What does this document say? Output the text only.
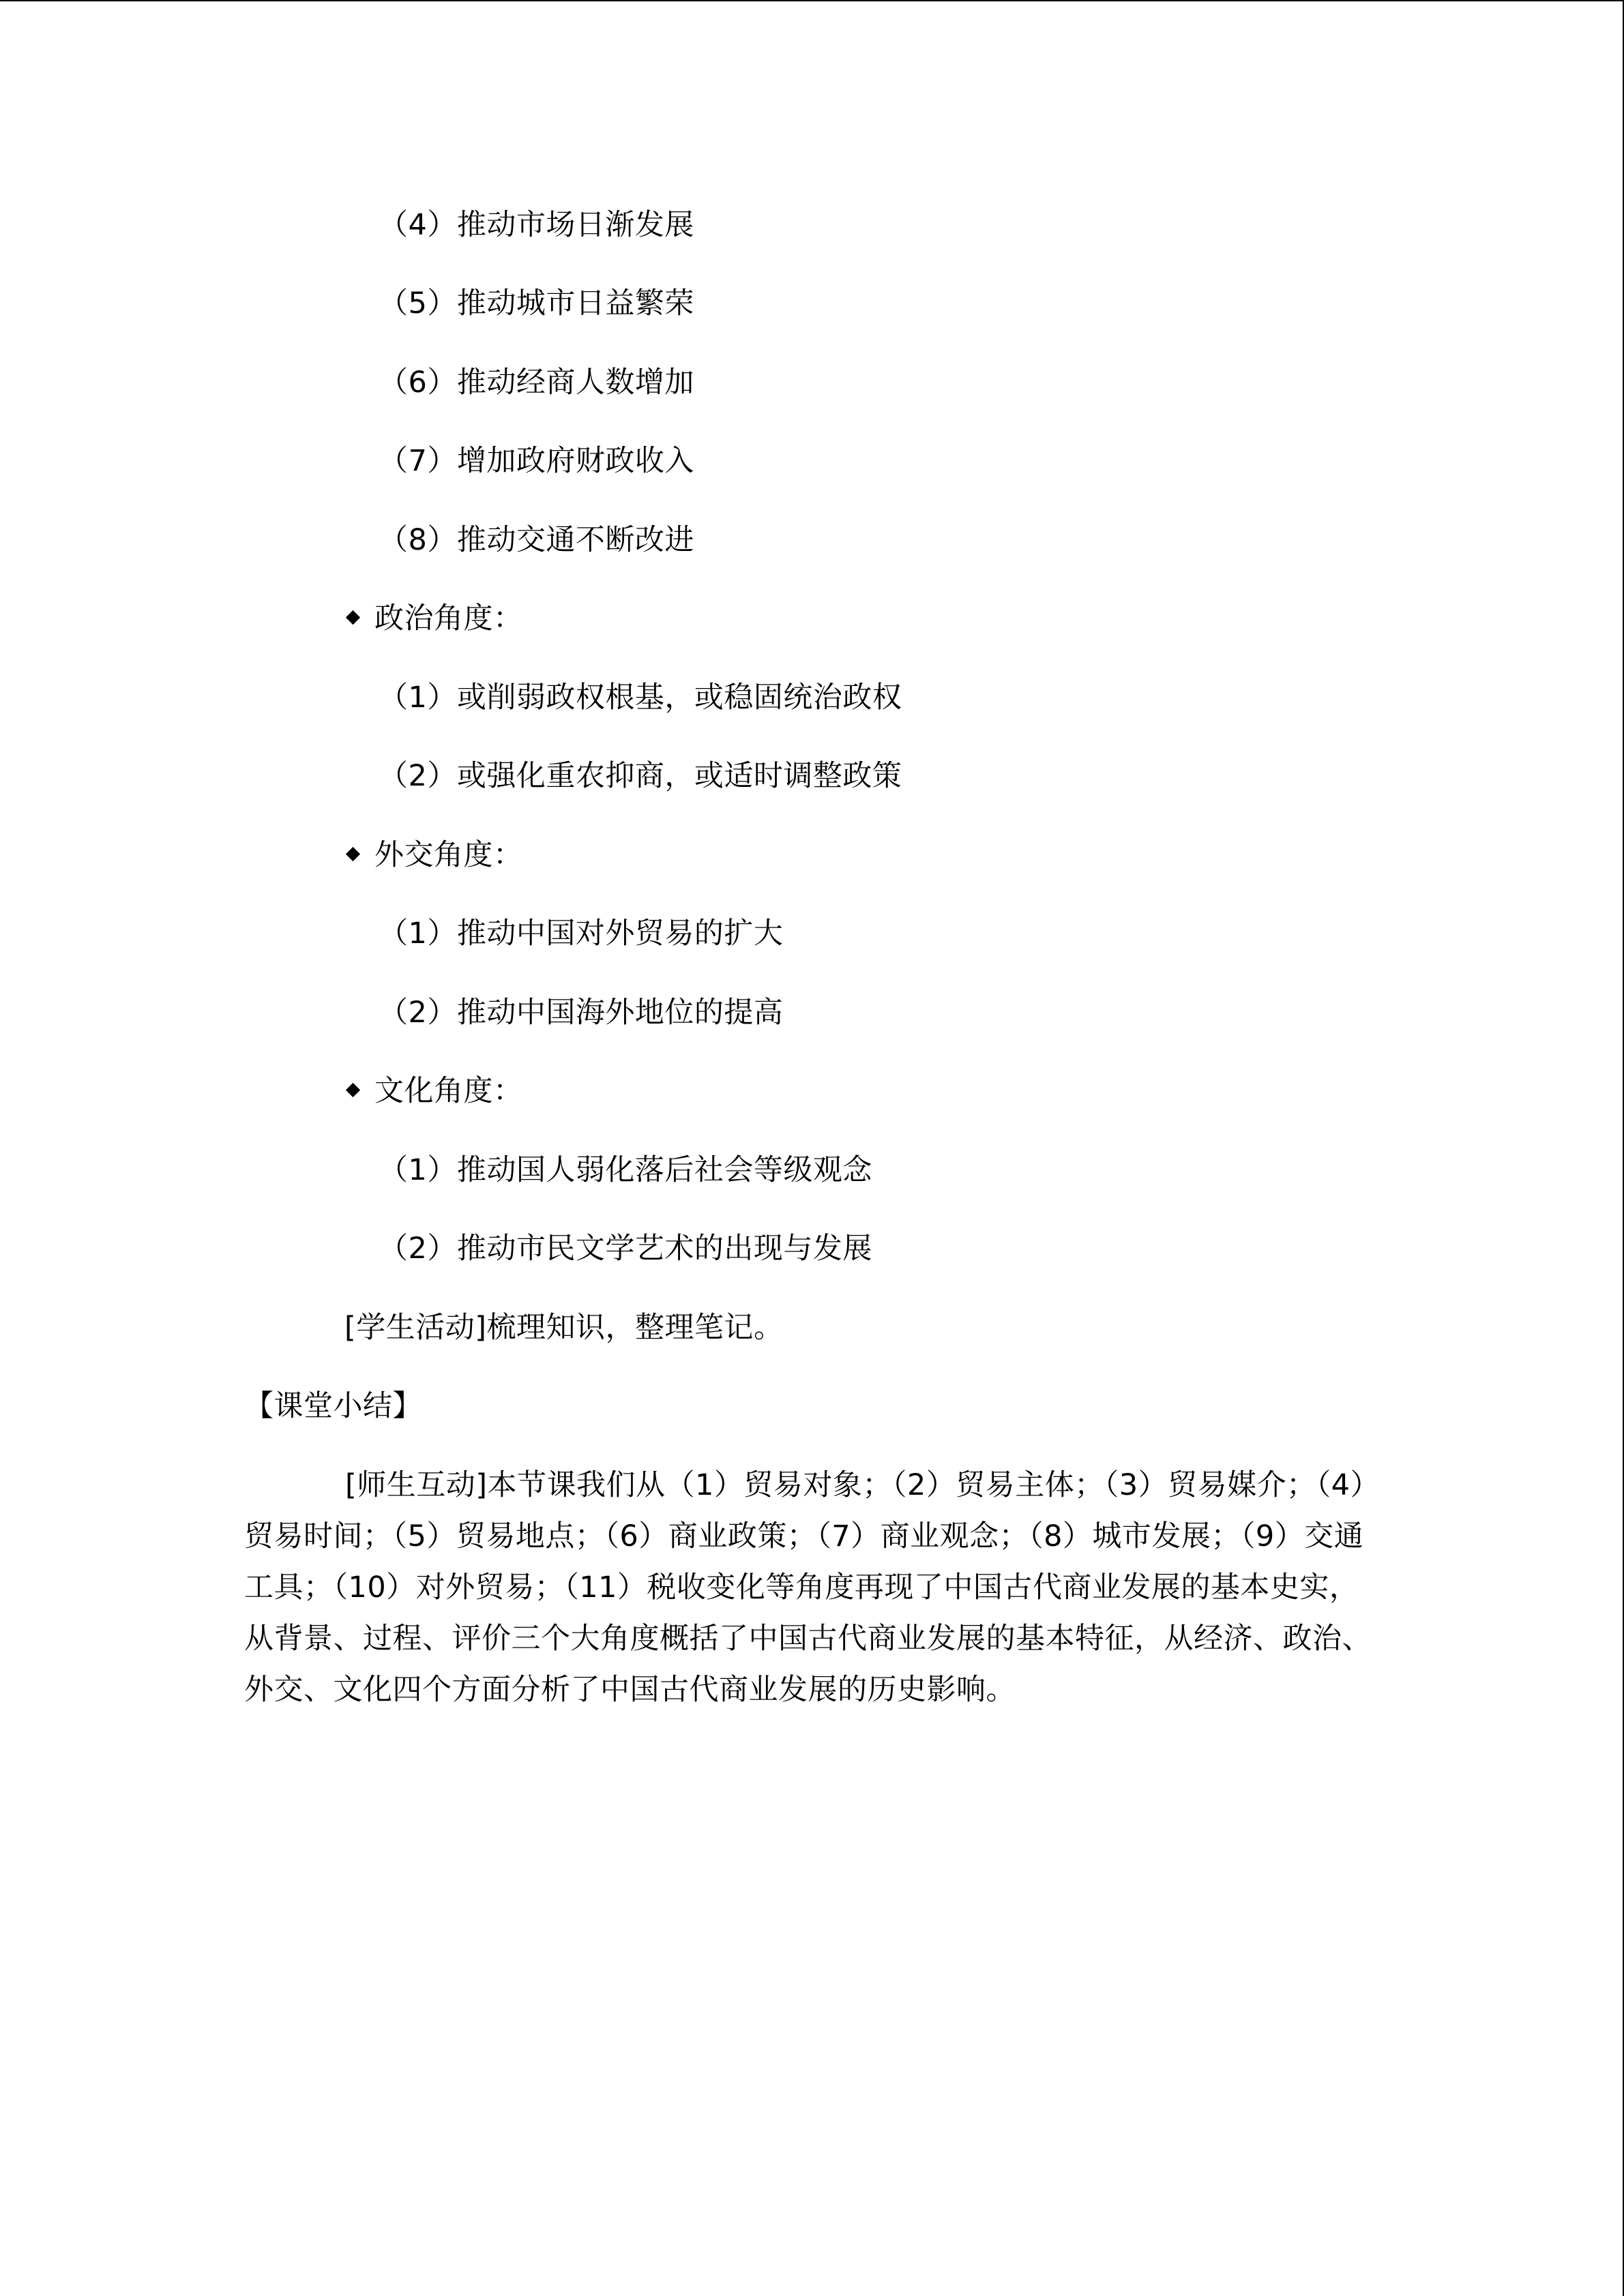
（4）推动市场日渐发展
（5）推动城市日益繁荣
（6）推动经商人数增加
（7）增加政府财政收入
（8）推动交通不断改进
政治角度：
（1）或削弱政权根基，或稳固统治政权
（2）或强化重农抑商，或适时调整政策
外交角度：
（1）推动中国对外贸易的扩大
（2）推动中国海外地位的提高
文化角度：
（1）推动国人弱化落后社会等级观念
（2）推动市民文学艺术的出现与发展
[学生活动]梳理知识，整理笔记。
【课堂小结】
[师生互动]本节课我们从（1）贸易对象；（2）贸易主体；（3）贸易媒介；（4）贸易时间；（5）贸易地点；（6）商业政策；（7）商业观念；（8）城市发展；（9）交通工具；（10）对外贸易；（11）税收变化等角度再现了中国古代商业发展的基本史实，从背景、过程、评价三个大角度概括了中国古代商业发展的基本特征，从经济、政治、外交、文化四个方面分析了中国古代商业发展的历史影响。
